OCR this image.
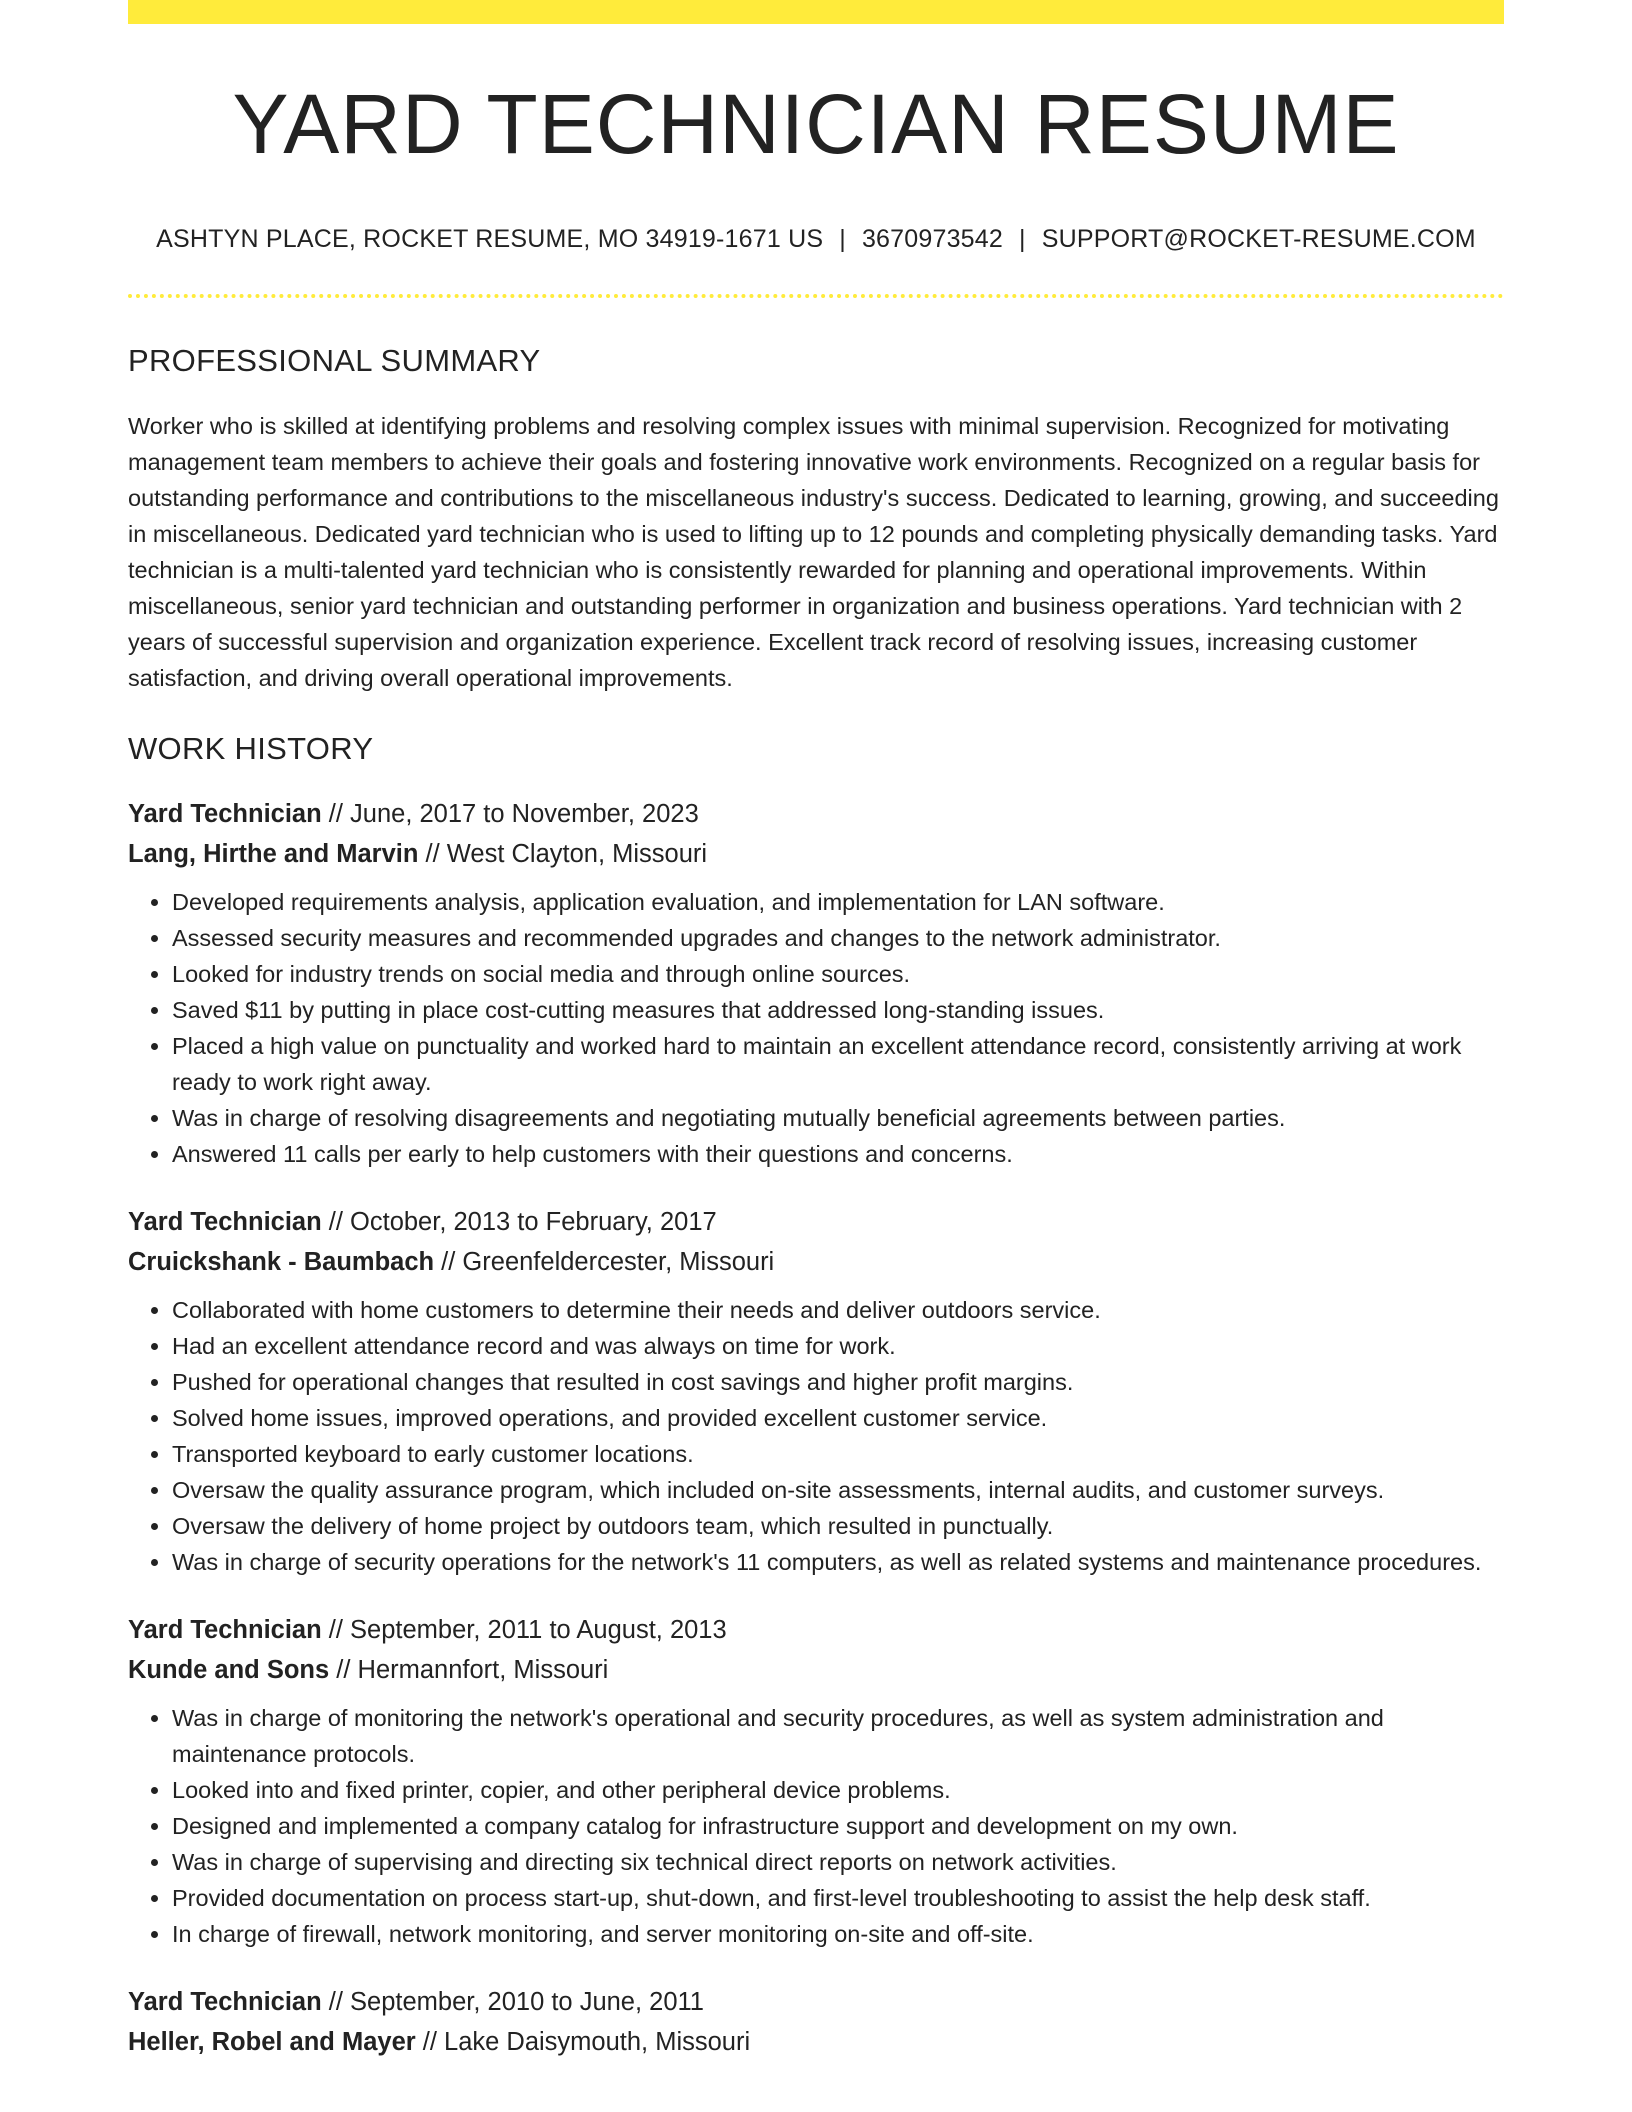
YARD TECHNICIAN RESUME
ASHTYN PLACE, ROCKET RESUME, MO 34919-1671 US | 3670973542 | SUPPORT@ROCKET-RESUME.COM
PROFESSIONAL SUMMARY

Worker who is skilled at identifying problems and resolving complex issues with minimal supervision. Recognized for motivating management team members to achieve their goals and fostering innovative work environments. Recognized on a regular basis for outstanding performance and contributions to the miscellaneous industry's success. Dedicated to learning, growing, and succeeding in miscellaneous. Dedicated yard technician who is used to lifting up to 12 pounds and completing physically demanding tasks. Yard technician is a multi-talented yard technician who is consistently rewarded for planning and operational improvements. Within miscellaneous, senior yard technician and outstanding performer in organization and business operations. Yard technician with 2 years of successful supervision and organization experience. Excellent track record of resolving issues, increasing customer satisfaction, and driving overall operational improvements.

WORK HISTORY
Yard Technician // June, 2017 to November, 2023
Lang, Hirthe and Marvin // West Clayton, Missouri
• Developed requirements analysis, application evaluation, and implementation for LAN software.
• Assessed security measures and recommended upgrades and changes to the network administrator.
• Looked for industry trends on social media and through online sources.
• Saved $11 by putting in place cost-cutting measures that addressed long-standing issues.
• Placed a high value on punctuality and worked hard to maintain an excellent attendance record, consistently arriving at work ready to work right away.
• Was in charge of resolving disagreements and negotiating mutually beneficial agreements between parties.
• Answered 11 calls per early to help customers with their questions and concerns.
Yard Technician // October, 2013 to February, 2017
Cruickshank - Baumbach // Greenfeldercester, Missouri
• Collaborated with home customers to determine their needs and deliver outdoors service.
• Had an excellent attendance record and was always on time for work.
• Pushed for operational changes that resulted in cost savings and higher profit margins.
• Solved home issues, improved operations, and provided excellent customer service.
• Transported keyboard to early customer locations.
• Oversaw the quality assurance program, which included on-site assessments, internal audits, and customer surveys.
• Oversaw the delivery of home project by outdoors team, which resulted in punctually.
• Was in charge of security operations for the network's 11 computers, as well as related systems and maintenance procedures.
Yard Technician // September, 2011 to August, 2013
Kunde and Sons // Hermannfort, Missouri
• Was in charge of monitoring the network's operational and security procedures, as well as system administration and maintenance protocols.
• Looked into and fixed printer, copier, and other peripheral device problems.
• Designed and implemented a company catalog for infrastructure support and development on my own.
• Was in charge of supervising and directing six technical direct reports on network activities.
• Provided documentation on process start-up, shut-down, and first-level troubleshooting to assist the help desk staff.
• In charge of firewall, network monitoring, and server monitoring on-site and off-site.
Yard Technician // September, 2010 to June, 2011
Heller, Robel and Mayer // Lake Daisymouth, Missouri
